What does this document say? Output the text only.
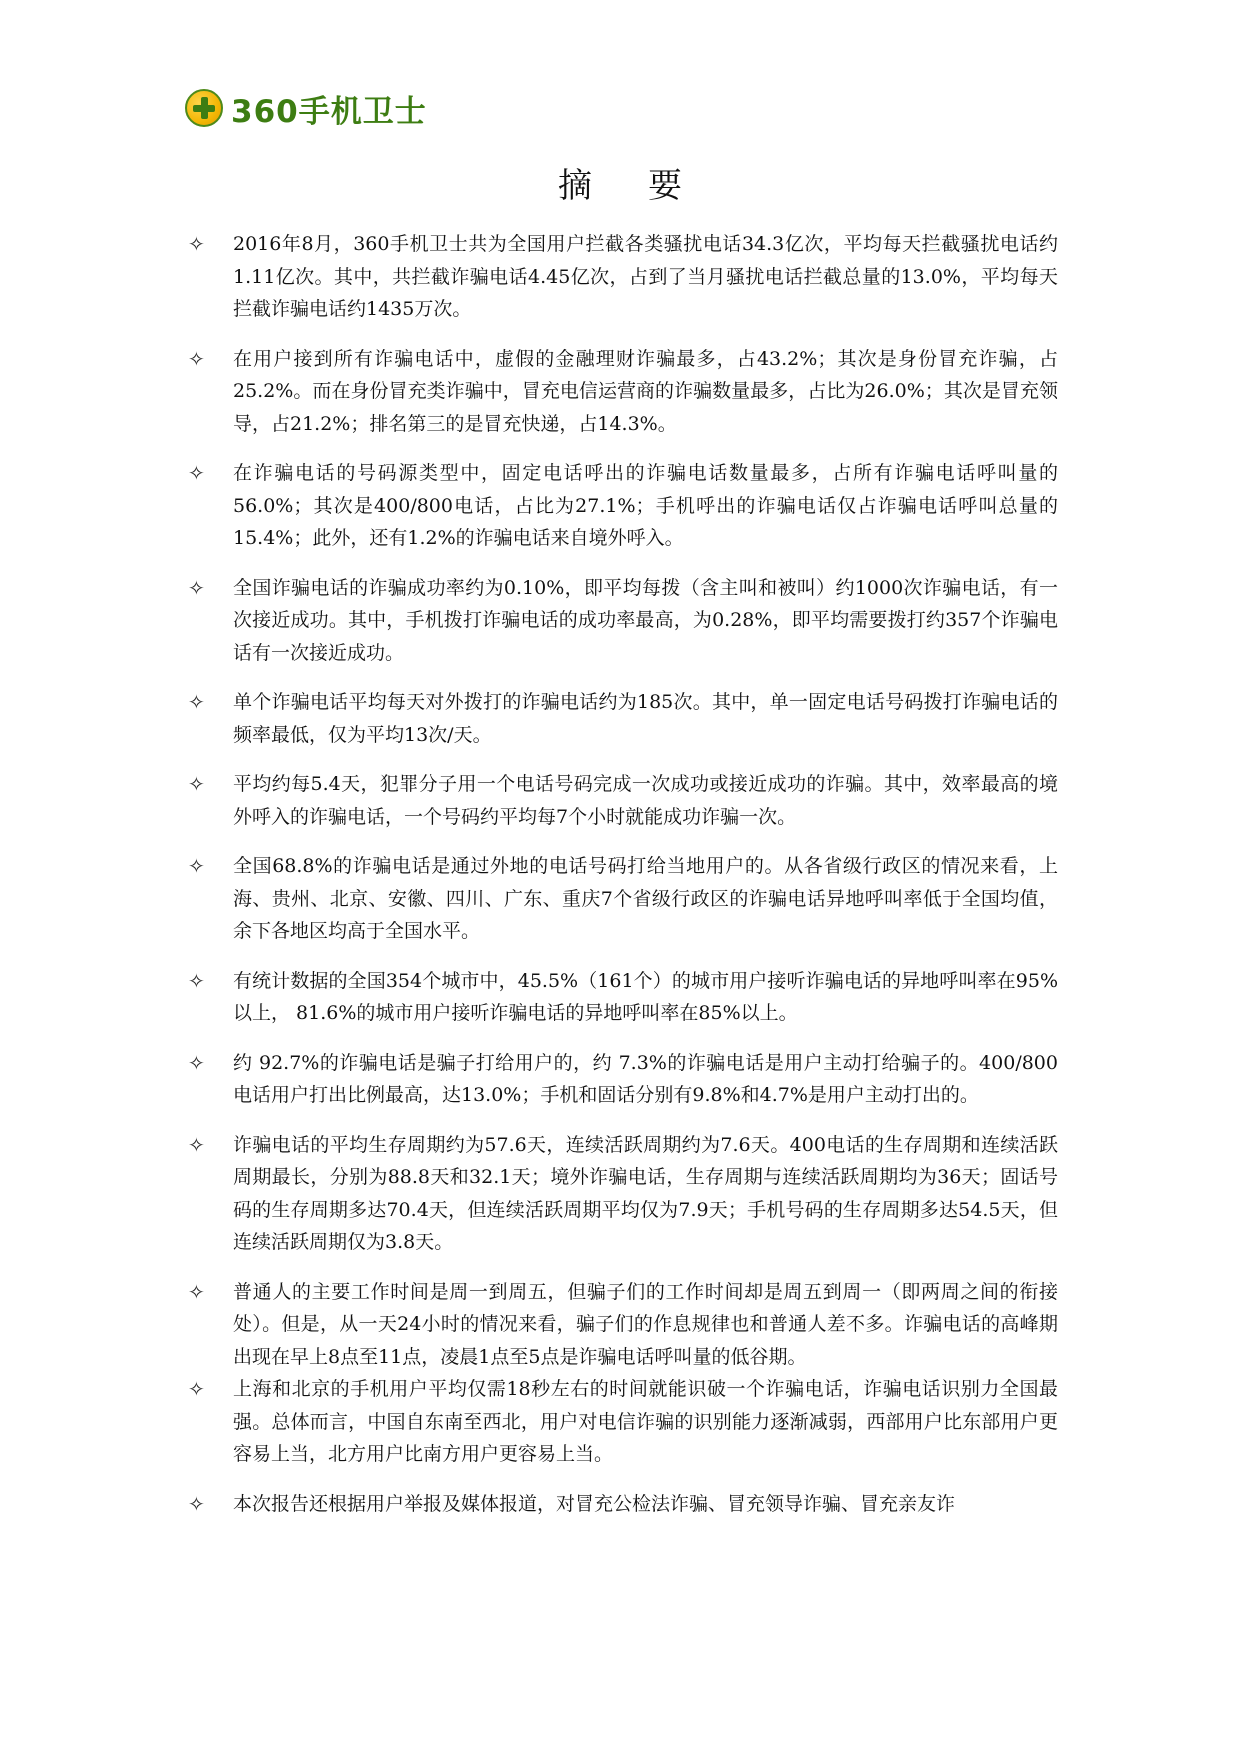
360手机卫士
摘要
✧ 2016年8月，360手机卫士共为全国用户拦截各类骚扰电话34.3亿次，平均每天拦截骚扰电话约1.11亿次。其中，共拦截诈骗电话4.45亿次，占到了当月骚扰电话拦截总量的13.0%，平均每天拦截诈骗电话约1435万次。
✧ 在用户接到所有诈骗电话中，虚假的金融理财诈骗最多，占43.2%；其次是身份冒充诈骗，占25.2%。而在身份冒充类诈骗中，冒充电信运营商的诈骗数量最多，占比为26.0%；其次是冒充领导，占21.2%；排名第三的是冒充快递，占14.3%。
✧ 在诈骗电话的号码源类型中，固定电话呼出的诈骗电话数量最多，占所有诈骗电话呼叫量的56.0%；其次是400/800电话，占比为27.1%；手机呼出的诈骗电话仅占诈骗电话呼叫总量的15.4%；此外，还有1.2%的诈骗电话来自境外呼入。
✧ 全国诈骗电话的诈骗成功率约为0.10%，即平均每拨（含主叫和被叫）约1000次诈骗电话，有一次接近成功。其中，手机拨打诈骗电话的成功率最高，为0.28%，即平均需要拨打约357个诈骗电话有一次接近成功。
✧ 单个诈骗电话平均每天对外拨打的诈骗电话约为185次。其中，单一固定电话号码拨打诈骗电话的频率最低，仅为平均13次/天。
✧ 平均约每5.4天，犯罪分子用一个电话号码完成一次成功或接近成功的诈骗。其中，效率最高的境外呼入的诈骗电话，一个号码约平均每7个小时就能成功诈骗一次。
✧ 全国68.8%的诈骗电话是通过外地的电话号码打给当地用户的。从各省级行政区的情况来看，上海、贵州、北京、安徽、四川、广东、重庆7个省级行政区的诈骗电话异地呼叫率低于全国均值，余下各地区均高于全国水平。
✧ 有统计数据的全国354个城市中，45.5%（161个）的城市用户接听诈骗电话的异地呼叫率在95%以上， 81.6%的城市用户接听诈骗电话的异地呼叫率在85%以上。
✧ 约 92.7%的诈骗电话是骗子打给用户的，约 7.3%的诈骗电话是用户主动打给骗子的。400/800电话用户打出比例最高，达13.0%；手机和固话分别有9.8%和4.7%是用户主动打出的。
✧ 诈骗电话的平均生存周期约为57.6天，连续活跃周期约为7.6天。400电话的生存周期和连续活跃周期最长，分别为88.8天和32.1天；境外诈骗电话，生存周期与连续活跃周期均为36天；固话号码的生存周期多达70.4天，但连续活跃周期平均仅为7.9天；手机号码的生存周期多达54.5天，但连续活跃周期仅为3.8天。
✧ 普通人的主要工作时间是周一到周五，但骗子们的工作时间却是周五到周一（即两周之间的衔接处）。但是，从一天24小时的情况来看，骗子们的作息规律也和普通人差不多。诈骗电话的高峰期出现在早上8点至11点，凌晨1点至5点是诈骗电话呼叫量的低谷期。
✧ 上海和北京的手机用户平均仅需18秒左右的时间就能识破一个诈骗电话，诈骗电话识别力全国最强。总体而言，中国自东南至西北，用户对电信诈骗的识别能力逐渐减弱，西部用户比东部用户更容易上当，北方用户比南方用户更容易上当。
✧ 本次报告还根据用户举报及媒体报道，对冒充公检法诈骗、冒充领导诈骗、冒充亲友诈
